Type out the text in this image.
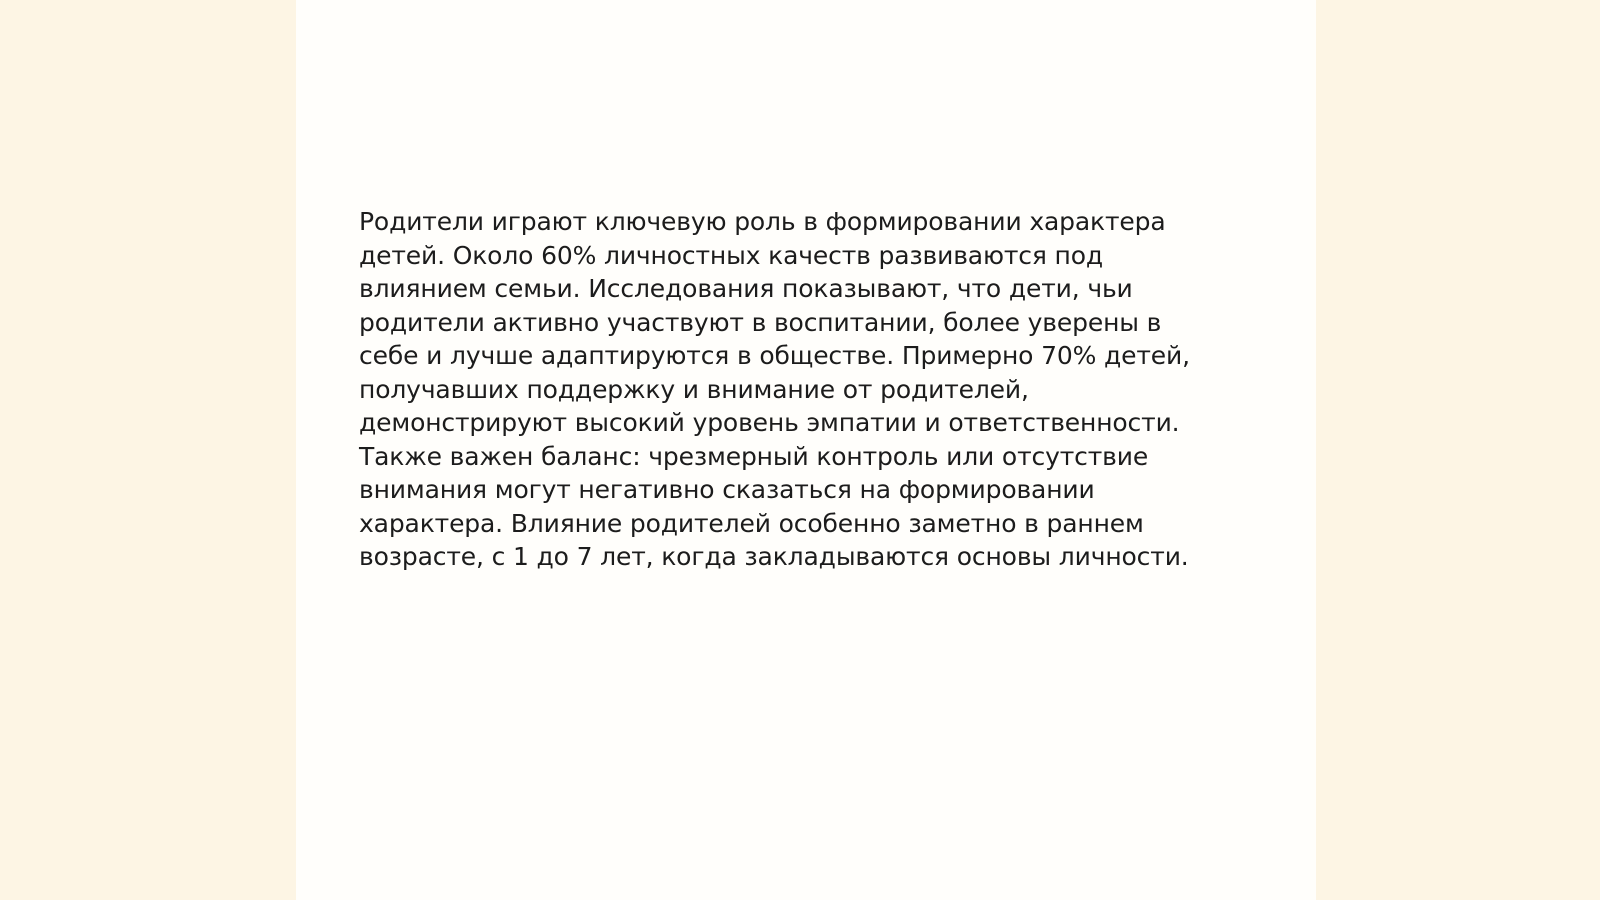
Родители играют ключевую роль в формировании характера
детей. Около 60% личностных качеств развиваются под
влиянием семьи. Исследования показывают, что дети, чьи
родители активно участвуют в воспитании, более уверены в
себе и лучше адаптируются в обществе. Примерно 70% детей,
получавших поддержку и внимание от родителей,
демонстрируют высокий уровень эмпатии и ответственности.
Также важен баланс: чрезмерный контроль или отсутствие
внимания могут негативно сказаться на формировании
характера. Влияние родителей особенно заметно в раннем
возрасте, с 1 до 7 лет, когда закладываются основы личности.
